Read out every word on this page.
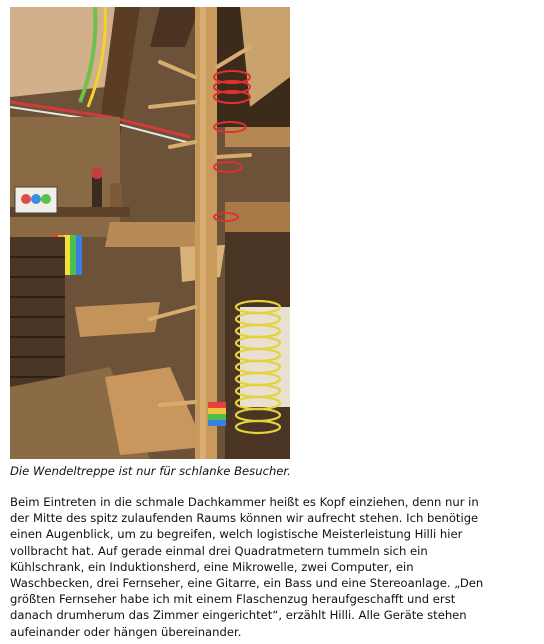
Die Wendeltreppe ist nur für schlanke Besucher.

Beim Eintreten in die schmale Dachkammer heißt es Kopf einziehen, denn nur in
der Mitte des spitz zulaufenden Raums können wir aufrecht stehen. Ich benötige
einen Augenblick, um zu begreifen, welch logistische Meisterleistung Hilli hier
vollbracht hat. Auf gerade einmal drei Quadratmetern tummeln sich ein
Kühlschrank, ein Induktionsherd, eine Mikrowelle, zwei Computer, ein
Waschbecken, drei Fernseher, eine Gitarre, ein Bass und eine Stereoanlage. „Den
größten Fernseher habe ich mit einem Flaschenzug heraufgeschafft und erst
danach drumherum das Zimmer eingerichtet“, erzählt Hilli. Alle Geräte stehen
aufeinander oder hängen übereinander.
